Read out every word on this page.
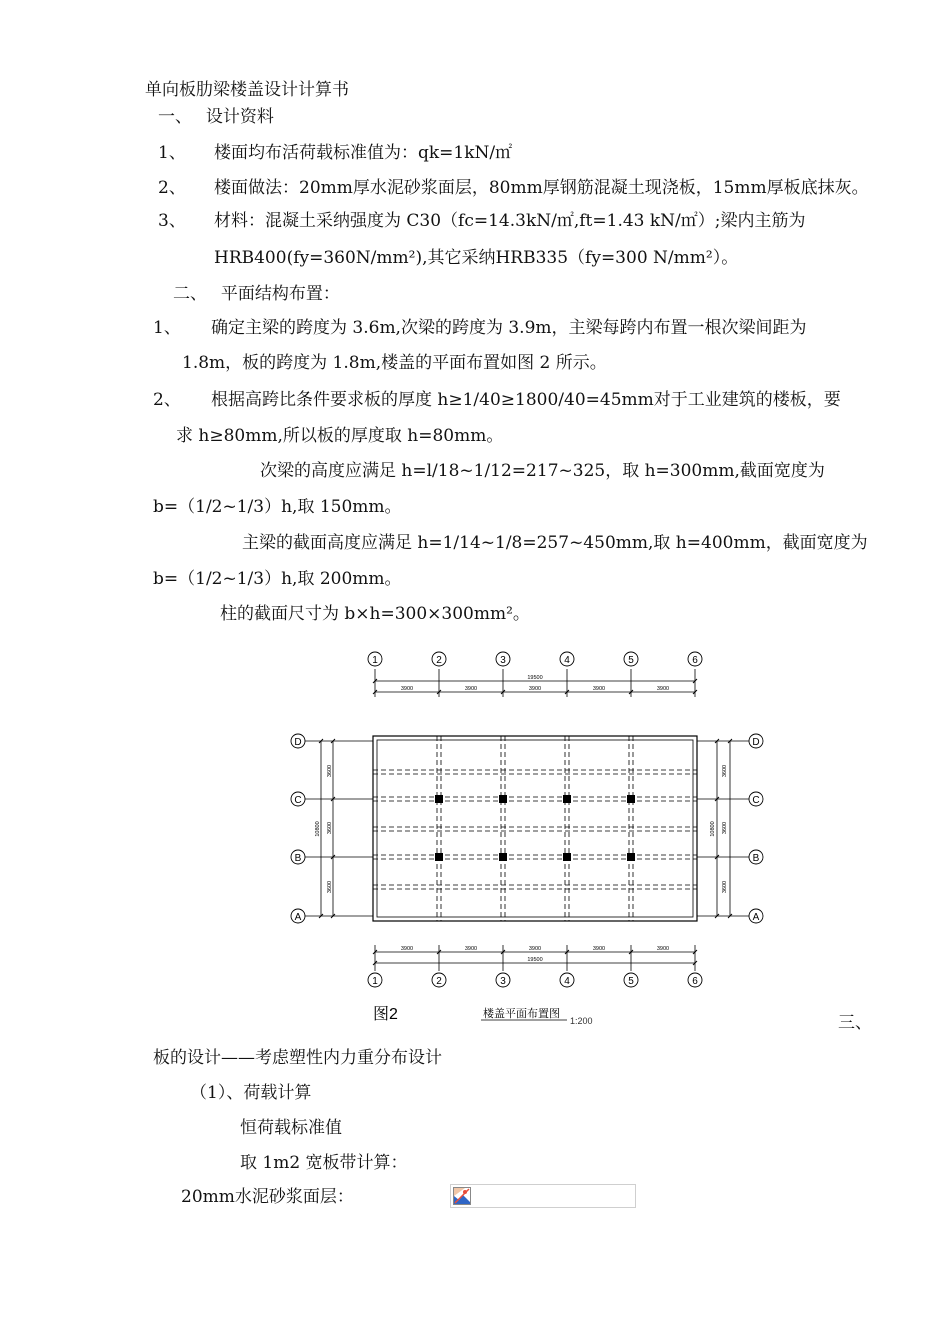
单向板肋梁楼盖设计计算书
一、　 设计资料
1、 楼面均布活荷载标准值为：qk=1kN/㎡
2、 楼面做法：20mm厚水泥砂浆面层，80mm厚钢筋混凝土现浇板，15mm厚板底抹灰。
3、 材料：混凝土采纳强度为 C30（fc=14.3kN/㎡,ft=1.43 kN/㎡）;梁内主筋为
HRB400(fy=360N/mm²),其它采纳HRB335（fy=300 N/mm²）。
二、　 平面结构布置：
1、 确定主梁的跨度为 3.6m,次梁的跨度为 3.9m，主梁每跨内布置一根次梁间距为
1.8m，板的跨度为 1.8m,楼盖的平面布置如图 2 所示。
2、 根据高跨比条件要求板的厚度 h≥1/40≥1800/40=45mm对于工业建筑的楼板，要
求 h≥80mm,所以板的厚度取 h=80mm。
次梁的高度应满足 h=l/18~1/12=217~325，取 h=300mm,截面宽度为
b=（1/2~1/3）h,取 150mm。
主梁的截面高度应满足 h=1/14~1/8=257~450mm,取 h=400mm，截面宽度为
b=（1/2~1/3）h,取 200mm。
柱的截面尺寸为 b×h=300×300mm²。
1	2	3	4	5	6
1	2	3	4	5	6
D
C
B
A
D
C
B
A
19500
3900	3900	3900	3900	3900
3900	3900	3900	3900	3900
19500
3600
3600
3600
10800
3600
3600
3600
10800
图2	楼盖平面布置图
1:200	三、
板的设计——考虑塑性内力重分布设计
（1）、荷载计算
恒荷载标准值
取 1m2 宽板带计算：
20mm水泥砂浆面层：
